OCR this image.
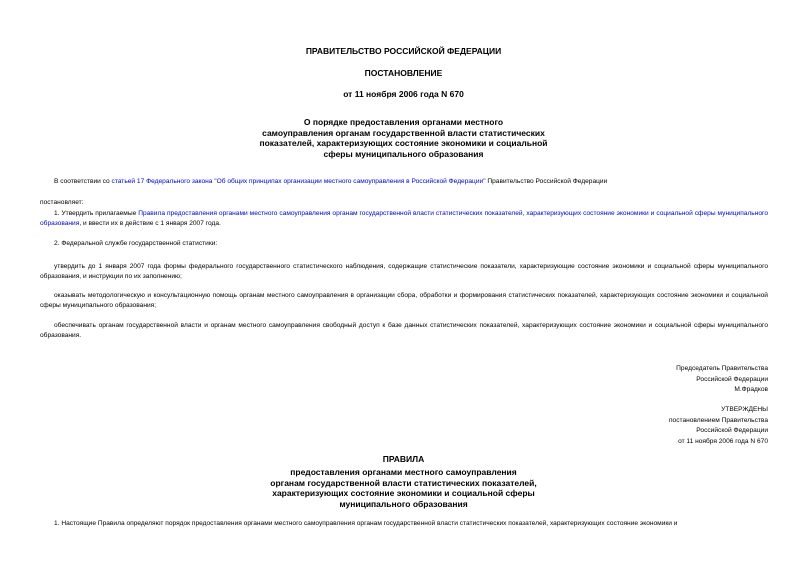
ПРАВИТЕЛЬСТВО РОССИЙСКОЙ ФЕДЕРАЦИИ
ПОСТАНОВЛЕНИЕ
от 11 ноября 2006 года N 670
О порядке предоставления органами местного
самоуправления органам государственной власти статистических
показателей, характеризующих состояние экономики и социальной
сферы муниципального образования
В соответствии со статьей 17 Федерального закона "Об общих принципах организации местного самоуправления в Российской Федерации" Правительство Российской Федерации
постановляет:
1. Утвердить прилагаемые Правила предоставления органами местного самоуправления органам государственной власти статистических показателей, характеризующих состояние экономики и социальной сферы муниципального образования, и ввести их в действие с 1 января 2007 года.
2. Федеральной службе государственной статистики:
утвердить до 1 января 2007 года формы федерального государственного статистического наблюдения, содержащие статистические показатели, характеризующие состояние экономики и социальной сферы муниципального образования, и инструкции по их заполнению;
оказывать методологическую и консультационную помощь органам местного самоуправления в организации сбора, обработки и формирования статистических показателей, характеризующих состояние экономики и социальной сферы муниципального образования;
обеспечивать органам государственной власти и органам местного самоуправления свободный доступ к базе данных статистических показателей, характеризующих состояние экономики и социальной сферы муниципального образования.
Председатель Правительства
Российской Федерации
М.Фрадков
УТВЕРЖДЕНЫ
постановлением Правительства
Российской Федерации
от 11 ноября 2006 года N 670
ПРАВИЛА
предоставления органами местного самоуправления
органам государственной власти статистических показателей,
характеризующих состояние экономики и социальной сферы
муниципального образования
1. Настоящие Правила определяют порядок предоставления органами местного самоуправления органам государственной власти статистических показателей, характеризующих состояние экономики и
